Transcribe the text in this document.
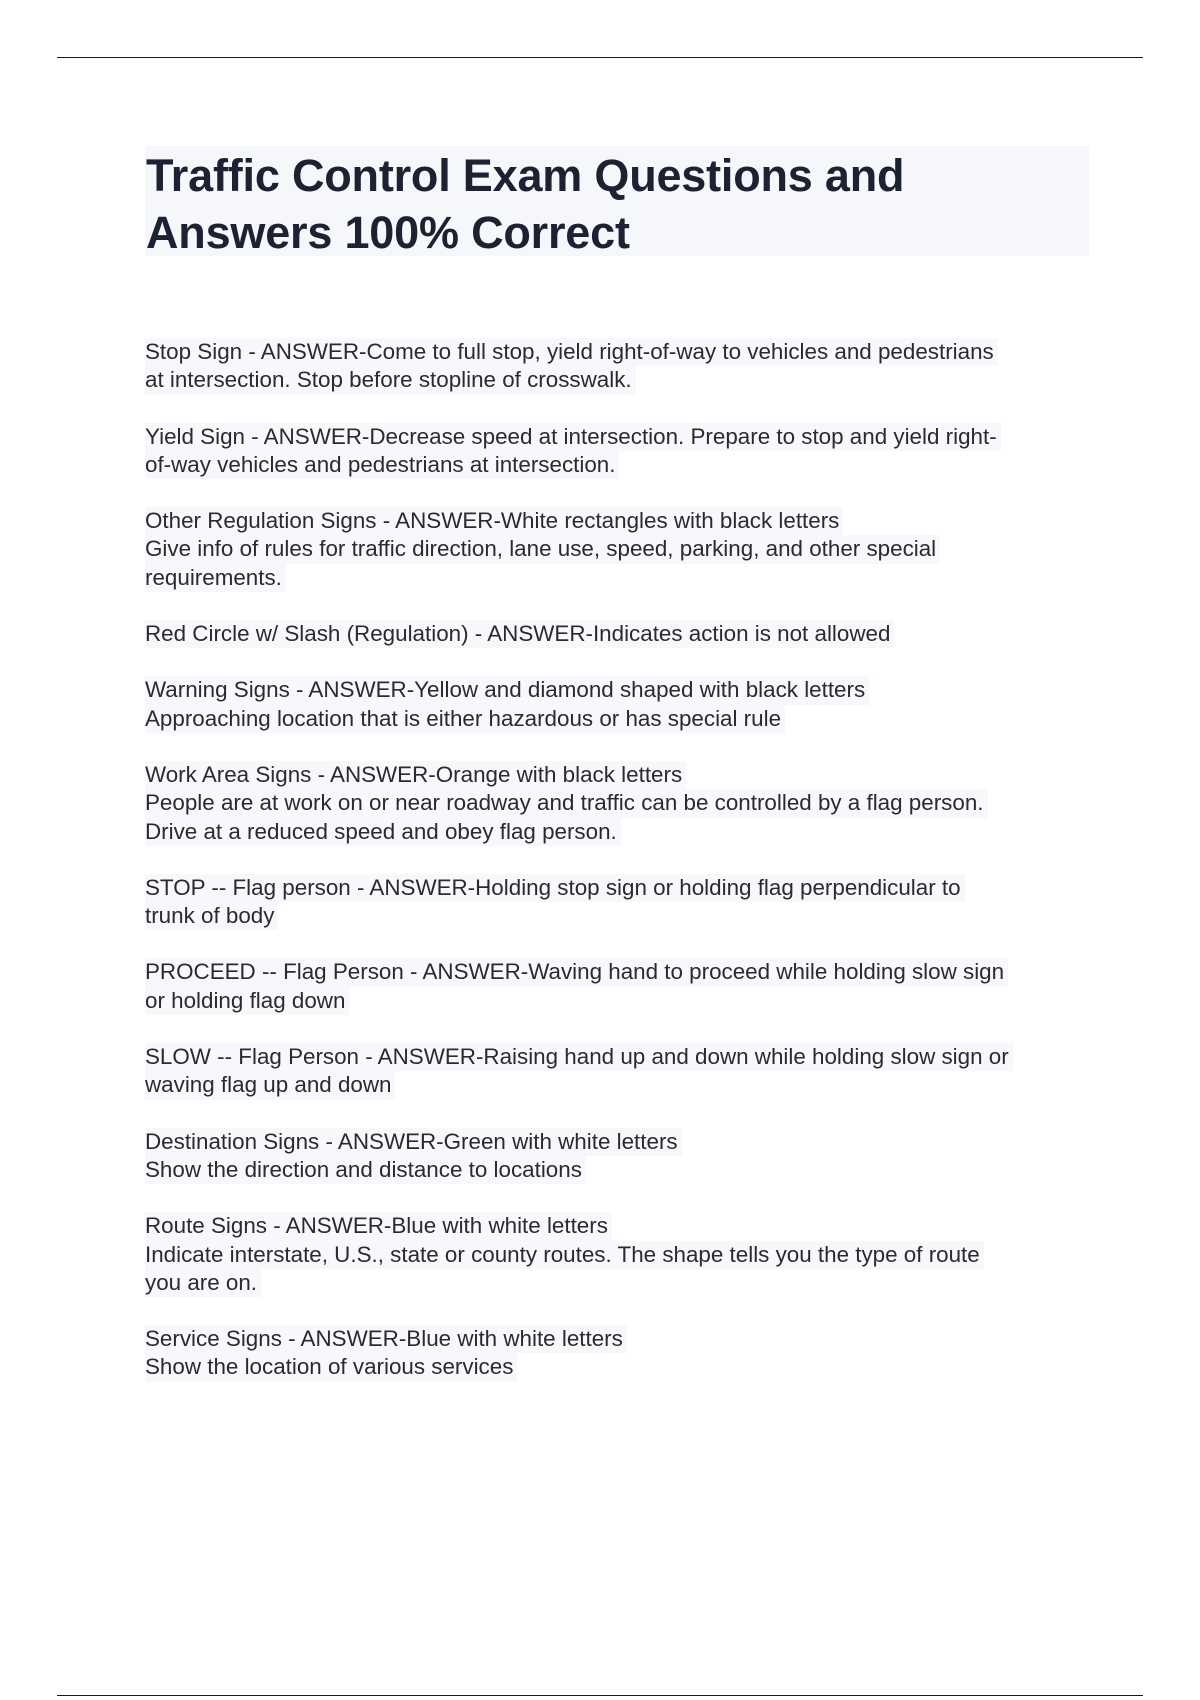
Traffic Control Exam Questions and
Answers 100% Correct
Stop Sign - ANSWER-Come to full stop, yield right-of-way to vehicles and pedestrians
at intersection. Stop before stopline of crosswalk.
Yield Sign - ANSWER-Decrease speed at intersection. Prepare to stop and yield right-
of-way vehicles and pedestrians at intersection.
Other Regulation Signs - ANSWER-White rectangles with black letters
Give info of rules for traffic direction, lane use, speed, parking, and other special
requirements.
Red Circle w/ Slash (Regulation) - ANSWER-Indicates action is not allowed
Warning Signs - ANSWER-Yellow and diamond shaped with black letters
Approaching location that is either hazardous or has special rule
Work Area Signs - ANSWER-Orange with black letters
People are at work on or near roadway and traffic can be controlled by a flag person.
Drive at a reduced speed and obey flag person.
STOP -- Flag person - ANSWER-Holding stop sign or holding flag perpendicular to
trunk of body
PROCEED -- Flag Person - ANSWER-Waving hand to proceed while holding slow sign
or holding flag down
SLOW -- Flag Person - ANSWER-Raising hand up and down while holding slow sign or
waving flag up and down
Destination Signs - ANSWER-Green with white letters
Show the direction and distance to locations
Route Signs - ANSWER-Blue with white letters
Indicate interstate, U.S., state or county routes. The shape tells you the type of route
you are on.
Service Signs - ANSWER-Blue with white letters
Show the location of various services
